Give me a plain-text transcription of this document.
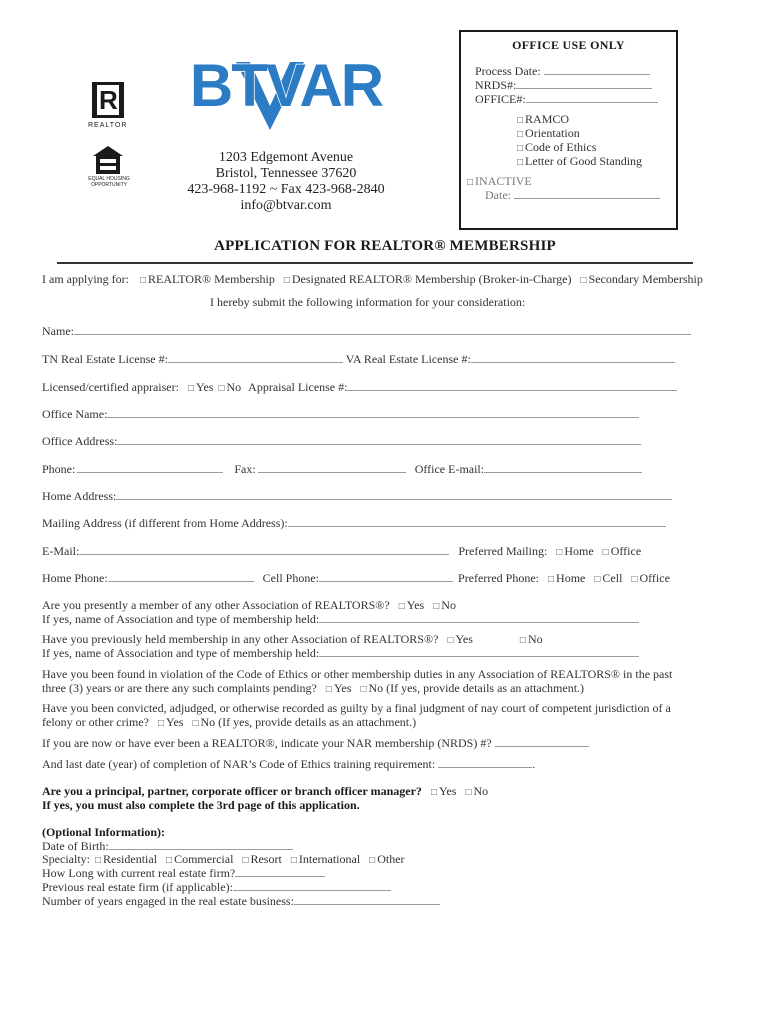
R
REALTOR
EQUAL HOUSING OPPORTUNITY
BTVAR
1203 Edgemont Avenue
Bristol, Tennessee 37620
423-968-1192 ~ Fax 423-968-2840
info@btvar.com
OFFICE USE ONLY
Process Date:
NRDS#:
OFFICE#:
□ RAMCO
□ Orientation
□ Code of Ethics
□ Letter of Good Standing
□ INACTIVE
Date:
APPLICATION FOR REALTOR® MEMBERSHIP
I am applying for: □ REALTOR® Membership □ Designated REALTOR® Membership (Broker-in-Charge) □ Secondary Membership
I hereby submit the following information for your consideration:
Name:
TN Real Estate License #:	VA Real Estate License #:
Licensed/certified appraiser: □ Yes □ No Appraisal License #:
Office Name:
Office Address:
Phone:	Fax:	Office E-mail:
Home Address:
Mailing Address (if different from Home Address):
E-Mail:	Preferred Mailing: □ Home □ Office
Home Phone:	Cell Phone:	Preferred Phone: □ Home □ Cell □ Office
Are you presently a member of any other Association of REALTORS®? □ Yes □ No
If yes, name of Association and type of membership held:
Have you previously held membership in any other Association of REALTORS®? □ Yes	□ No
If yes, name of Association and type of membership held:
Have you been found in violation of the Code of Ethics or other membership duties in any Association of REALTORS® in the past
three (3) years or are there any such complaints pending? □ Yes □ No (If yes, provide details as an attachment.)
Have you been convicted, adjudged, or otherwise recorded as guilty by a final judgment of nay court of competent jurisdiction of a
felony or other crime? □ Yes □ No (If yes, provide details as an attachment.)
If you are now or have ever been a REALTOR®, indicate your NAR membership (NRDS) #?
And last date (year) of completion of NAR’s Code of Ethics training requirement:	.
Are you a principal, partner, corporate officer or branch officer manager? □ Yes □ No
If yes, you must also complete the 3rd page of this application.
(Optional Information):
Date of Birth:
Specialty: □ Residential □ Commercial □ Resort □ International □ Other
How Long with current real estate firm?
Previous real estate firm (if applicable):
Number of years engaged in the real estate business:
